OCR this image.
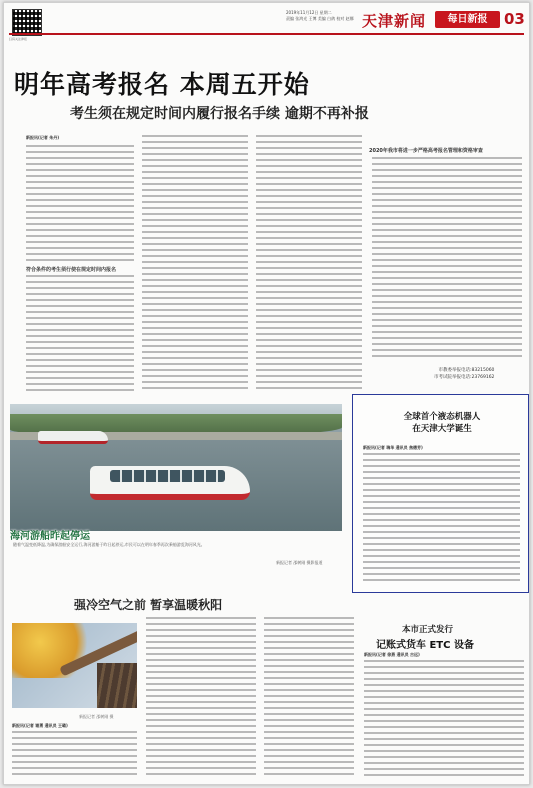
扫码关注津报
2019年11月12日 星期二
责编 张鸿光 王博 美编 白鸽 校对 赵娜 天津新闻	每日新报	03
明年高考报名 本周五开始
考生须在规定时间内履行报名手续 逾期不再补报
新报讯(记者 朱丹)
符合条件的考生须行使在规定时间内报名
2020年我市将进一步严格高考报名管理和资格审查
市教委举报电话:83215060
市考试院举报电话:23769162
海河游船昨起停运
随着气温变低降温,为确保游船安全运行,海河游船于昨日起停运,市民可以在明年春季再次乘船游览海河风光。
新报记者 邵树刚 摄影报道
全球首个液态机器人
在天津大学诞生
新报讯(记者 瑞华 通讯员 焦德芳)
强冷空气之前 暂享温暖秋阳
新报记者 邵树刚 摄
新报讯(记者 谢勇 通讯员 王璐)
本市正式发行
记账式货车 ETC 设备
新报讯(记者 徐燕 通讯员 古远)
